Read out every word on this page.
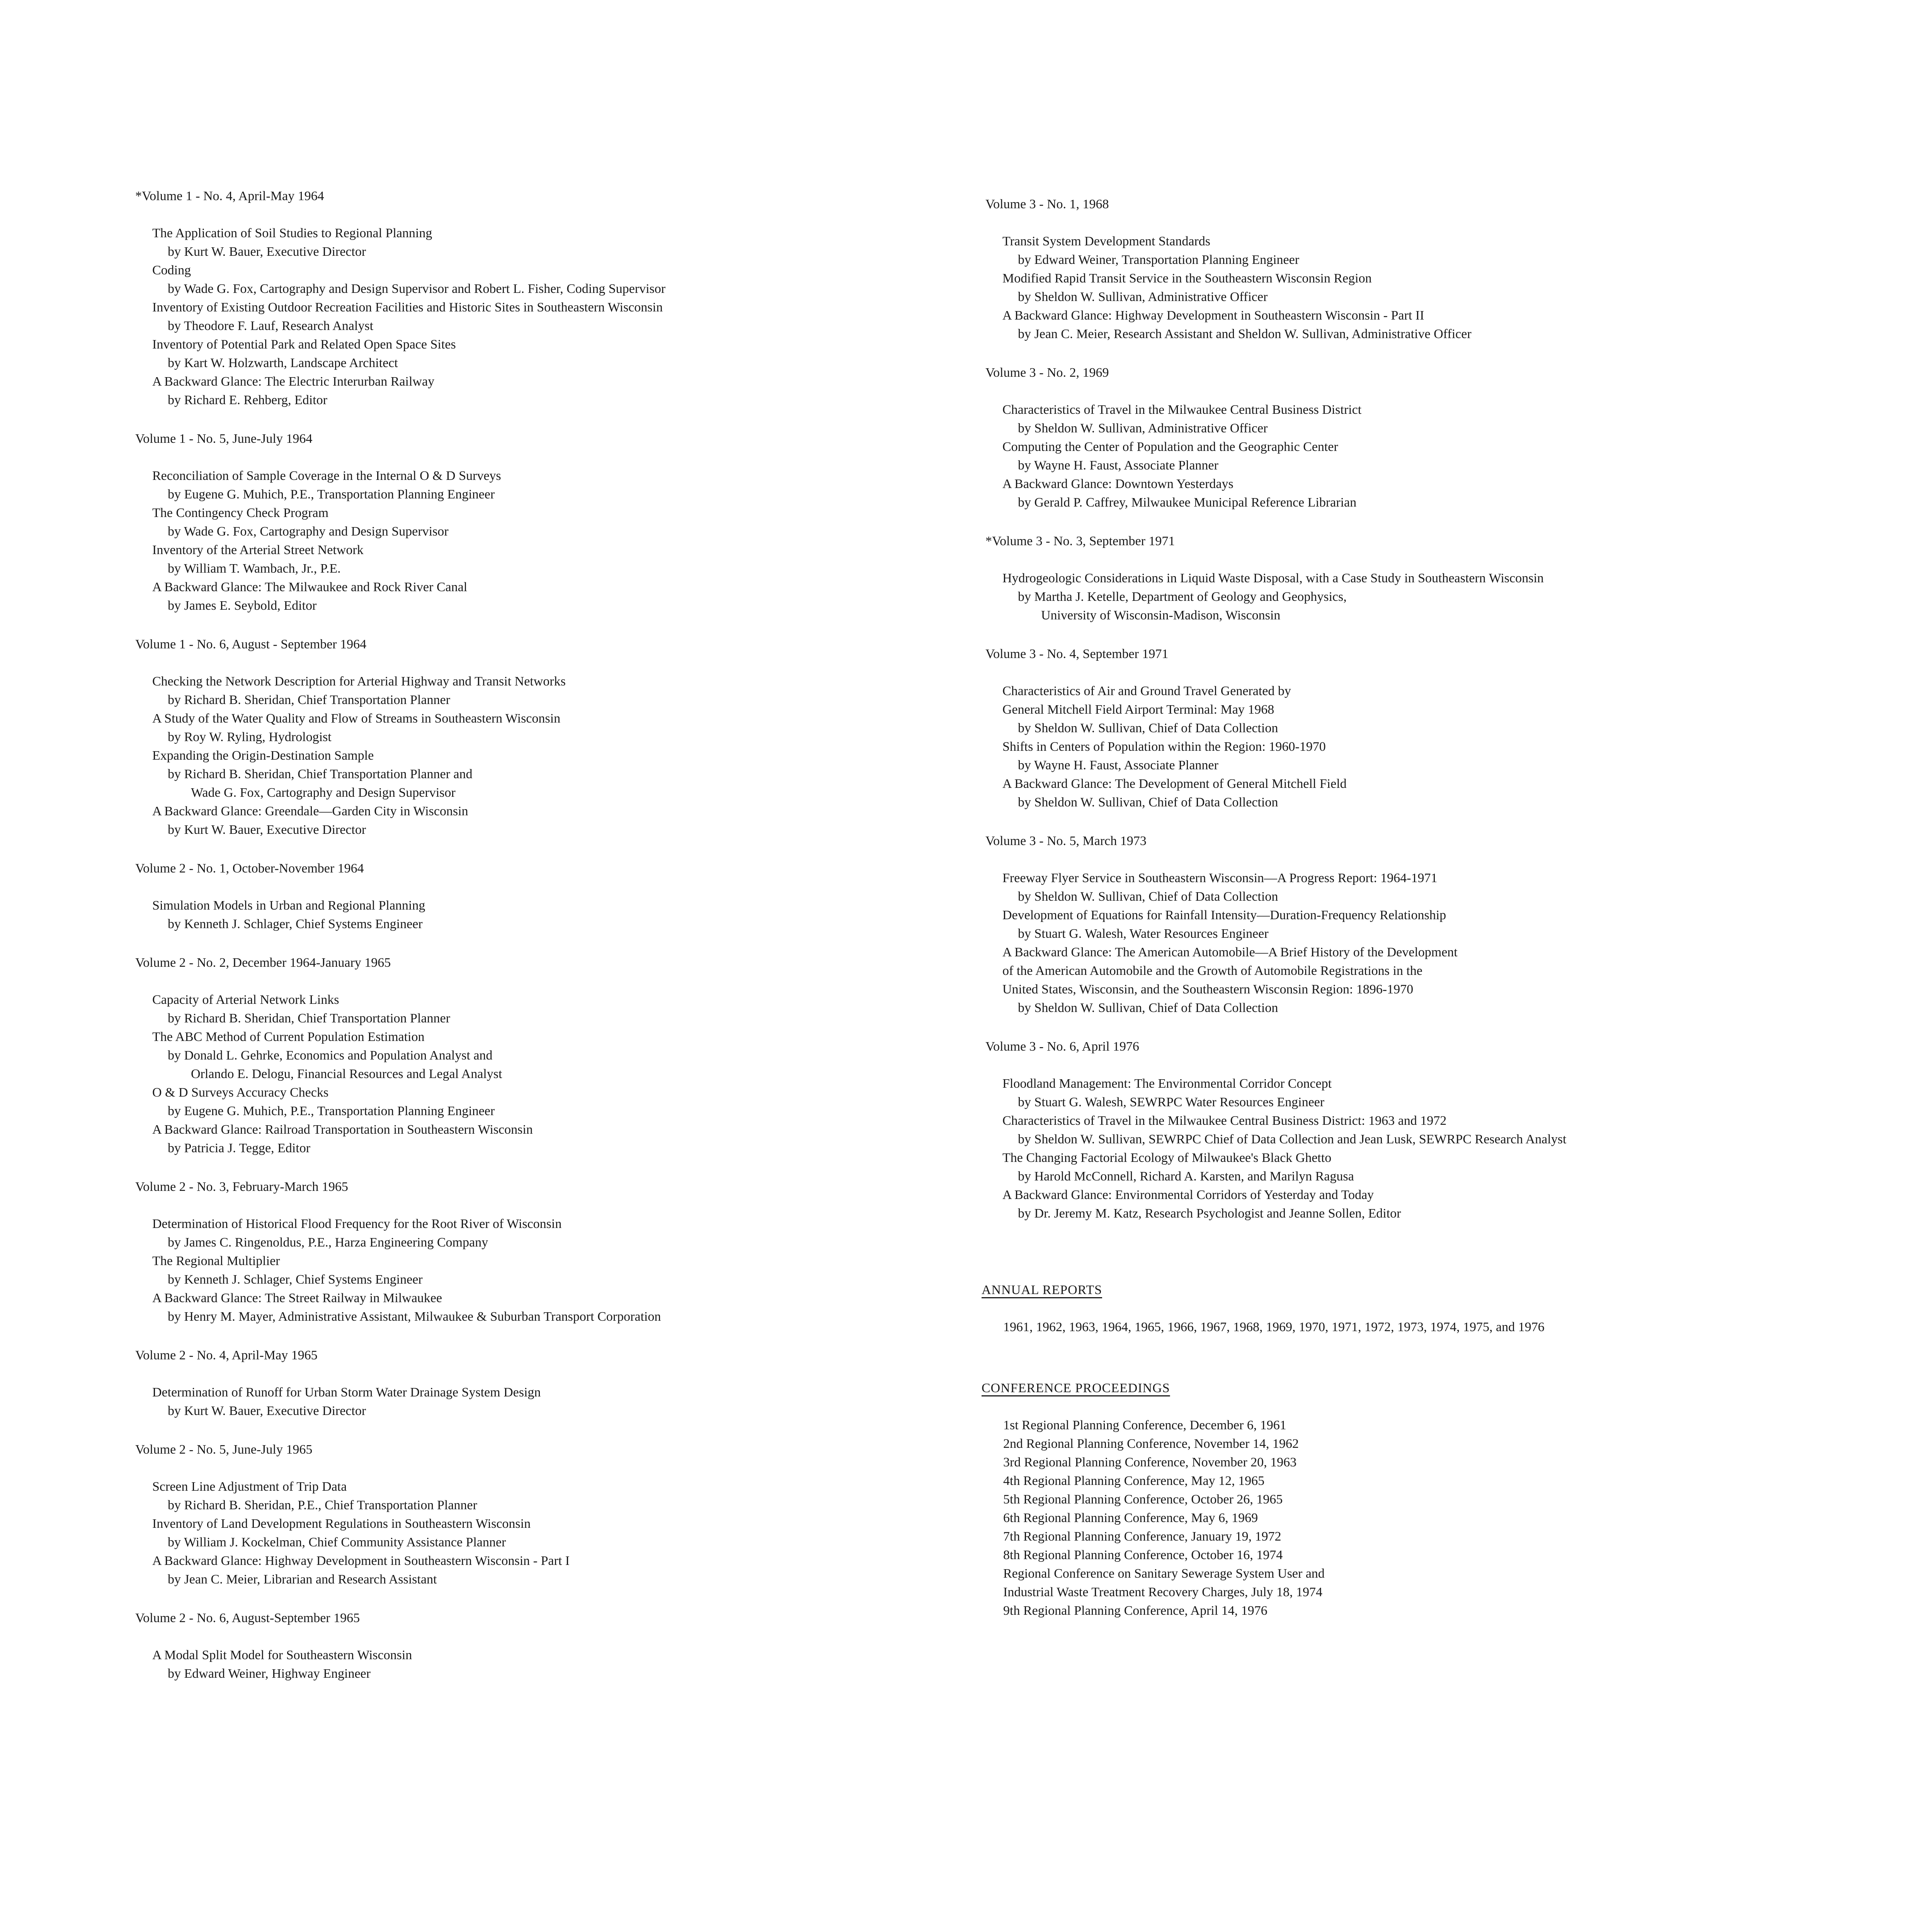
*Volume 1 - No. 4, April-May 1964
The Application of Soil Studies to Regional Planning
by Kurt W. Bauer, Executive Director
Coding
by Wade G. Fox, Cartography and Design Supervisor and Robert L. Fisher, Coding Supervisor
Inventory of Existing Outdoor Recreation Facilities and Historic Sites in Southeastern Wisconsin
by Theodore F. Lauf, Research Analyst
Inventory of Potential Park and Related Open Space Sites
by Kart W. Holzwarth, Landscape Architect
A Backward Glance: The Electric Interurban Railway
by Richard E. Rehberg, Editor
Volume 1 - No. 5, June-July 1964
Reconciliation of Sample Coverage in the Internal O & D Surveys
by Eugene G. Muhich, P.E., Transportation Planning Engineer
The Contingency Check Program
by Wade G. Fox, Cartography and Design Supervisor
Inventory of the Arterial Street Network
by William T. Wambach, Jr., P.E.
A Backward Glance: The Milwaukee and Rock River Canal
by James E. Seybold, Editor
Volume 1 - No. 6, August - September 1964
Checking the Network Description for Arterial Highway and Transit Networks
by Richard B. Sheridan, Chief Transportation Planner
A Study of the Water Quality and Flow of Streams in Southeastern Wisconsin
by Roy W. Ryling, Hydrologist
Expanding the Origin-Destination Sample
by Richard B. Sheridan, Chief Transportation Planner and
Wade G. Fox, Cartography and Design Supervisor
A Backward Glance: Greendale—Garden City in Wisconsin
by Kurt W. Bauer, Executive Director
Volume 2 - No. 1, October-November 1964
Simulation Models in Urban and Regional Planning
by Kenneth J. Schlager, Chief Systems Engineer
Volume 2 - No. 2, December 1964-January 1965
Capacity of Arterial Network Links
by Richard B. Sheridan, Chief Transportation Planner
The ABC Method of Current Population Estimation
by Donald L. Gehrke, Economics and Population Analyst and
Orlando E. Delogu, Financial Resources and Legal Analyst
O & D Surveys Accuracy Checks
by Eugene G. Muhich, P.E., Transportation Planning Engineer
A Backward Glance: Railroad Transportation in Southeastern Wisconsin
by Patricia J. Tegge, Editor
Volume 2 - No. 3, February-March 1965
Determination of Historical Flood Frequency for the Root River of Wisconsin
by James C. Ringenoldus, P.E., Harza Engineering Company
The Regional Multiplier
by Kenneth J. Schlager, Chief Systems Engineer
A Backward Glance: The Street Railway in Milwaukee
by Henry M. Mayer, Administrative Assistant, Milwaukee & Suburban Transport Corporation
Volume 2 - No. 4, April-May 1965
Determination of Runoff for Urban Storm Water Drainage System Design
by Kurt W. Bauer, Executive Director
Volume 2 - No. 5, June-July 1965
Screen Line Adjustment of Trip Data
by Richard B. Sheridan, P.E., Chief Transportation Planner
Inventory of Land Development Regulations in Southeastern Wisconsin
by William J. Kockelman, Chief Community Assistance Planner
A Backward Glance: Highway Development in Southeastern Wisconsin - Part I
by Jean C. Meier, Librarian and Research Assistant
Volume 2 - No. 6, August-September 1965
A Modal Split Model for Southeastern Wisconsin
by Edward Weiner, Highway Engineer
Volume 3 - No. 1, 1968
Transit System Development Standards
by Edward Weiner, Transportation Planning Engineer
Modified Rapid Transit Service in the Southeastern Wisconsin Region
by Sheldon W. Sullivan, Administrative Officer
A Backward Glance: Highway Development in Southeastern Wisconsin - Part II
by Jean C. Meier, Research Assistant and Sheldon W. Sullivan, Administrative Officer
Volume 3 - No. 2, 1969
Characteristics of Travel in the Milwaukee Central Business District
by Sheldon W. Sullivan, Administrative Officer
Computing the Center of Population and the Geographic Center
by Wayne H. Faust, Associate Planner
A Backward Glance: Downtown Yesterdays
by Gerald P. Caffrey, Milwaukee Municipal Reference Librarian
*Volume 3 - No. 3, September 1971
Hydrogeologic Considerations in Liquid Waste Disposal, with a Case Study in Southeastern Wisconsin
by Martha J. Ketelle, Department of Geology and Geophysics,
University of Wisconsin-Madison, Wisconsin
Volume 3 - No. 4, September 1971
Characteristics of Air and Ground Travel Generated by
General Mitchell Field Airport Terminal: May 1968
by Sheldon W. Sullivan, Chief of Data Collection
Shifts in Centers of Population within the Region: 1960-1970
by Wayne H. Faust, Associate Planner
A Backward Glance: The Development of General Mitchell Field
by Sheldon W. Sullivan, Chief of Data Collection
Volume 3 - No. 5, March 1973
Freeway Flyer Service in Southeastern Wisconsin—A Progress Report: 1964-1971
by Sheldon W. Sullivan, Chief of Data Collection
Development of Equations for Rainfall Intensity—Duration-Frequency Relationship
by Stuart G. Walesh, Water Resources Engineer
A Backward Glance: The American Automobile—A Brief History of the Development
of the American Automobile and the Growth of Automobile Registrations in the
United States, Wisconsin, and the Southeastern Wisconsin Region: 1896-1970
by Sheldon W. Sullivan, Chief of Data Collection
Volume 3 - No. 6, April 1976
Floodland Management: The Environmental Corridor Concept
by Stuart G. Walesh, SEWRPC Water Resources Engineer
Characteristics of Travel in the Milwaukee Central Business District: 1963 and 1972
by Sheldon W. Sullivan, SEWRPC Chief of Data Collection and Jean Lusk, SEWRPC Research Analyst
The Changing Factorial Ecology of Milwaukee's Black Ghetto
by Harold McConnell, Richard A. Karsten, and Marilyn Ragusa
A Backward Glance: Environmental Corridors of Yesterday and Today
by Dr. Jeremy M. Katz, Research Psychologist and Jeanne Sollen, Editor
ANNUAL REPORTS
1961, 1962, 1963, 1964, 1965, 1966, 1967, 1968, 1969, 1970, 1971, 1972, 1973, 1974, 1975, and 1976
CONFERENCE PROCEEDINGS
1st Regional Planning Conference, December 6, 1961
2nd Regional Planning Conference, November 14, 1962
3rd Regional Planning Conference, November 20, 1963
4th Regional Planning Conference, May 12, 1965
5th Regional Planning Conference, October 26, 1965
6th Regional Planning Conference, May 6, 1969
7th Regional Planning Conference, January 19, 1972
8th Regional Planning Conference, October 16, 1974
Regional Conference on Sanitary Sewerage System User and
Industrial Waste Treatment Recovery Charges, July 18, 1974
9th Regional Planning Conference, April 14, 1976
